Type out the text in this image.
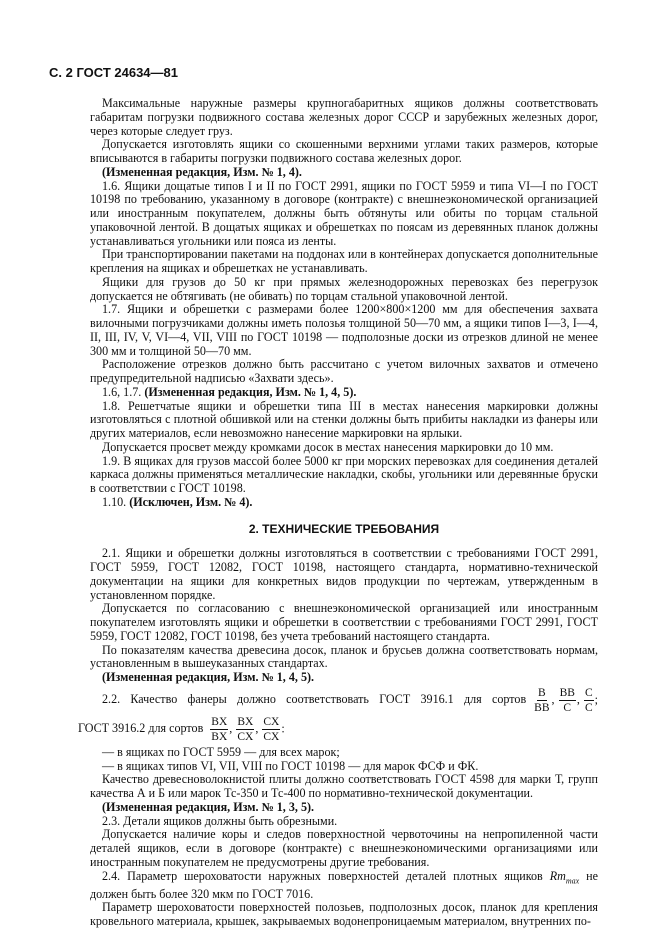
С. 2 ГОСТ 24634—81

Максимальные наружные размеры крупногабаритных ящиков должны соответствовать габаритам погрузки подвижного состава железных дорог СССР и зарубежных железных дорог, через которые следует груз.

Допускается изготовлять ящики со скошенными верхними углами таких размеров, которые вписываются в габариты погрузки подвижного состава железных дорог.

(Измененная редакция, Изм. № 1, 4).

1.6. Ящики дощатые типов I и II по ГОСТ 2991, ящики по ГОСТ 5959 и типа VI—I по ГОСТ 10198 по требованию, указанному в договоре (контракте) с внешнеэкономической организацией или иностранным покупателем, должны быть обтянуты или обиты по торцам стальной упаковочной лентой. В дощатых ящиках и обрешетках по поясам из деревянных планок должны устанавливаться угольники или пояса из ленты.

При транспортировании пакетами на поддонах или в контейнерах допускается дополнительные крепления на ящиках и обрешетках не устанавливать.

Ящики для грузов до 50 кг при прямых железнодорожных перевозках без перегрузок допускается не обтягивать (не обивать) по торцам стальной упаковочной лентой.

1.7. Ящики и обрешетки с размерами более 1200×800×1200 мм для обеспечения захвата вилочными погрузчиками должны иметь полозья толщиной 50—70 мм, а ящики типов I—3, I—4, II, III, IV, V, VI—4, VII, VIII по ГОСТ 10198 — подполозные доски из отрезков длиной не менее 300 мм и толщиной 50—70 мм.

Расположение отрезков должно быть рассчитано с учетом вилочных захватов и отмечено предупредительной надписью «Захвати здесь».

1.6, 1.7. (Измененная редакция, Изм. № 1, 4, 5).

1.8. Решетчатые ящики и обрешетки типа III в местах нанесения маркировки должны изготовляться с плотной обшивкой или на стенки должны быть прибиты накладки из фанеры или других материалов, если невозможно нанесение маркировки на ярлыки.

Допускается просвет между кромками досок в местах нанесения маркировки до 10 мм.

1.9. В ящиках для грузов массой более 5000 кг при морских перевозках для соединения деталей каркаса должны применяться металлические накладки, скобы, угольники или деревянные бруски в соответствии с ГОСТ 10198.

1.10. (Исключен, Изм. № 4).

2. ТЕХНИЧЕСКИЕ ТРЕБОВАНИЯ

2.1. Ящики и обрешетки должны изготовляться в соответствии с требованиями ГОСТ 2991, ГОСТ 5959, ГОСТ 12082, ГОСТ 10198, настоящего стандарта, нормативно-технической документации на ящики для конкретных видов продукции по чертежам, утвержденным в установленном порядке.

Допускается по согласованию с внешнеэкономической организацией или иностранным покупателем изготовлять ящики и обрешетки в соответствии с требованиями ГОСТ 2991, ГОСТ 5959, ГОСТ 12082, ГОСТ 10198, без учета требований настоящего стандарта.

По показателям качества древесина досок, планок и брусьев должна соответствовать нормам, установленным в вышеуказанных стандартах.

(Измененная редакция, Изм. № 1, 4, 5).

2.2. Качество фанеры должно соответствовать ГОСТ 3916.1 для сортов $\frac{B}{BB}$ , $\frac{BB}{C}$ , $\frac{C}{C}$ ;
ГОСТ 3916.2 для сортов $\frac{BX}{BX}$ , $\frac{BX}{CX}$ , $\frac{CX}{CX}$ :

— в ящиках по ГОСТ 5959 — для всех марок;

— в ящиках типов VI, VII, VIII по ГОСТ 10198 — для марок ФСФ и ФК.

Качество древесноволокнистой плиты должно соответствовать ГОСТ 4598 для марки Т, групп качества А и Б или марок Тс-350 и Тс-400 по нормативно-технической документации.

(Измененная редакция, Изм. № 1, 3, 5).

2.3. Детали ящиков должны быть обрезными.

Допускается наличие коры и следов поверхностной червоточины на непропиленной части деталей ящиков, если в договоре (контракте) с внешнеэкономическими организациями или иностранным покупателем не предусмотрены другие требования.

2.4. Параметр шероховатости наружных поверхностей деталей плотных ящиков $Rm_{max}$ не должен быть более 320 мкм по ГОСТ 7016.

Параметр шероховатости поверхностей полозьев, подполозных досок, планок для крепления кровельного материала, крышек, закрываемых водонепроницаемым материалом, внутренних по-
